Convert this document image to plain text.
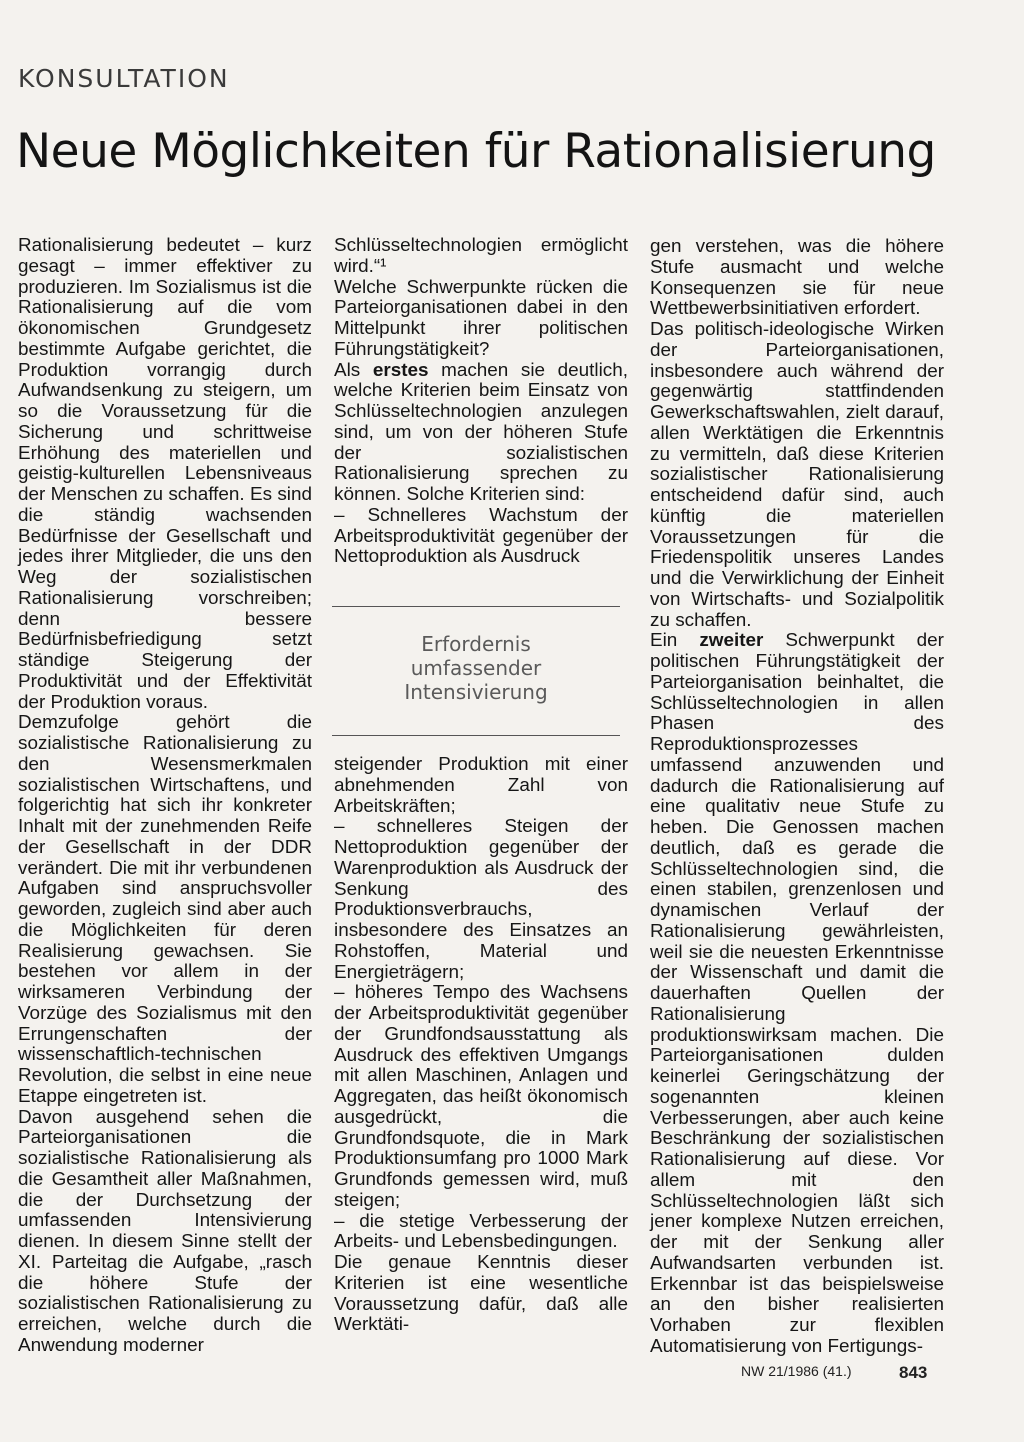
KONSULTATION
Neue Möglichkeiten für Rationalisierung

Rationalisierung bedeutet – kurz gesagt – immer effektiver zu produzieren. Im Sozialismus ist die Rationalisierung auf die vom ökonomischen Grundgesetz bestimmte Aufgabe gerichtet, die Produktion vorrangig durch Aufwandsenkung zu steigern, um so die Voraussetzung für die Sicherung und schrittweise Erhöhung des materiellen und geistig-kulturellen Lebensniveaus der Menschen zu schaffen. Es sind die ständig wachsenden Bedürfnisse der Gesellschaft und jedes ihrer Mitglieder, die uns den Weg der sozialistischen Rationalisierung vorschreiben; denn bessere Bedürfnisbefriedigung setzt ständige Steigerung der Produktivität und der Effektivität der Produktion voraus.

Demzufolge gehört die sozialistische Rationalisierung zu den Wesensmerkmalen sozialistischen Wirtschaftens, und folgerichtig hat sich ihr konkreter Inhalt mit der zunehmenden Reife der Gesellschaft in der DDR verändert. Die mit ihr verbundenen Aufgaben sind anspruchsvoller geworden, zugleich sind aber auch die Möglichkeiten für deren Realisierung gewachsen. Sie bestehen vor allem in der wirksameren Verbindung der Vorzüge des Sozialismus mit den Errungenschaften der wissenschaftlich-technischen Revolution, die selbst in eine neue Etappe eingetreten ist.

Davon ausgehend sehen die Parteiorganisationen die sozialistische Rationalisierung als die Gesamtheit aller Maßnahmen, die der Durchsetzung der umfassenden Intensivierung dienen. In diesem Sinne stellt der XI. Parteitag die Aufgabe, „rasch die höhere Stufe der sozialistischen Rationalisierung zu erreichen, welche durch die Anwendung moderner

Schlüsseltechnologien ermöglicht wird.“¹

Welche Schwerpunkte rücken die Parteiorganisationen dabei in den Mittelpunkt ihrer politischen Führungstätigkeit?

Als erstes machen sie deutlich, welche Kriterien beim Einsatz von Schlüsseltechnologien anzulegen sind, um von der höheren Stufe der sozialistischen Rationalisierung sprechen zu können. Solche Kriterien sind:

– Schnelleres Wachstum der Arbeitsproduktivität gegenüber der Nettoproduktion als Ausdruck

Erfordernis
umfassender
Intensivierung

steigender Produktion mit einer abnehmenden Zahl von Arbeitskräften;

– schnelleres Steigen der Nettoproduktion gegenüber der Warenproduktion als Ausdruck der Senkung des Produktionsverbrauchs, insbesondere des Einsatzes an Rohstoffen, Material und Energieträgern;

– höheres Tempo des Wachsens der Arbeitsproduktivität gegenüber der Grundfondsausstattung als Ausdruck des effektiven Umgangs mit allen Maschinen, Anlagen und Aggregaten, das heißt ökonomisch ausgedrückt, die Grundfondsquote, die in Mark Produktionsumfang pro 1000 Mark Grundfonds gemessen wird, muß steigen;

– die stetige Verbesserung der Arbeits- und Lebensbedingungen.

Die genaue Kenntnis dieser Kriterien ist eine wesentliche Voraussetzung dafür, daß alle Werktäti-

gen verstehen, was die höhere Stufe ausmacht und welche Konsequenzen sie für neue Wettbewerbsinitiativen erfordert.

Das politisch-ideologische Wirken der Parteiorganisationen, insbesondere auch während der gegenwärtig stattfindenden Gewerkschaftswahlen, zielt darauf, allen Werktätigen die Erkenntnis zu vermitteln, daß diese Kriterien sozialistischer Rationalisierung entscheidend dafür sind, auch künftig die materiellen Voraussetzungen für die Friedenspolitik unseres Landes und die Verwirklichung der Einheit von Wirtschafts- und Sozialpolitik zu schaffen.

Ein zweiter Schwerpunkt der politischen Führungstätigkeit der Parteiorganisation beinhaltet, die Schlüsseltechnologien in allen Phasen des Reproduktionsprozesses umfassend anzuwenden und dadurch die Rationalisierung auf eine qualitativ neue Stufe zu heben. Die Genossen machen deutlich, daß es gerade die Schlüsseltechnologien sind, die einen stabilen, grenzenlosen und dynamischen Verlauf der Rationalisierung gewährleisten, weil sie die neuesten Erkenntnisse der Wissenschaft und damit die dauerhaften Quellen der Rationalisierung produktionswirksam machen. Die Parteiorganisationen dulden keinerlei Geringschätzung der sogenannten kleinen Verbesserungen, aber auch keine Beschränkung der sozialistischen Rationalisierung auf diese. Vor allem mit den Schlüsseltechnologien läßt sich jener komplexe Nutzen erreichen, der mit der Senkung aller Aufwandsarten verbunden ist. Erkennbar ist das beispielsweise an den bisher realisierten Vorhaben zur flexiblen Automatisierung von Fertigungs-

NW 21/1986 (41.)	843
